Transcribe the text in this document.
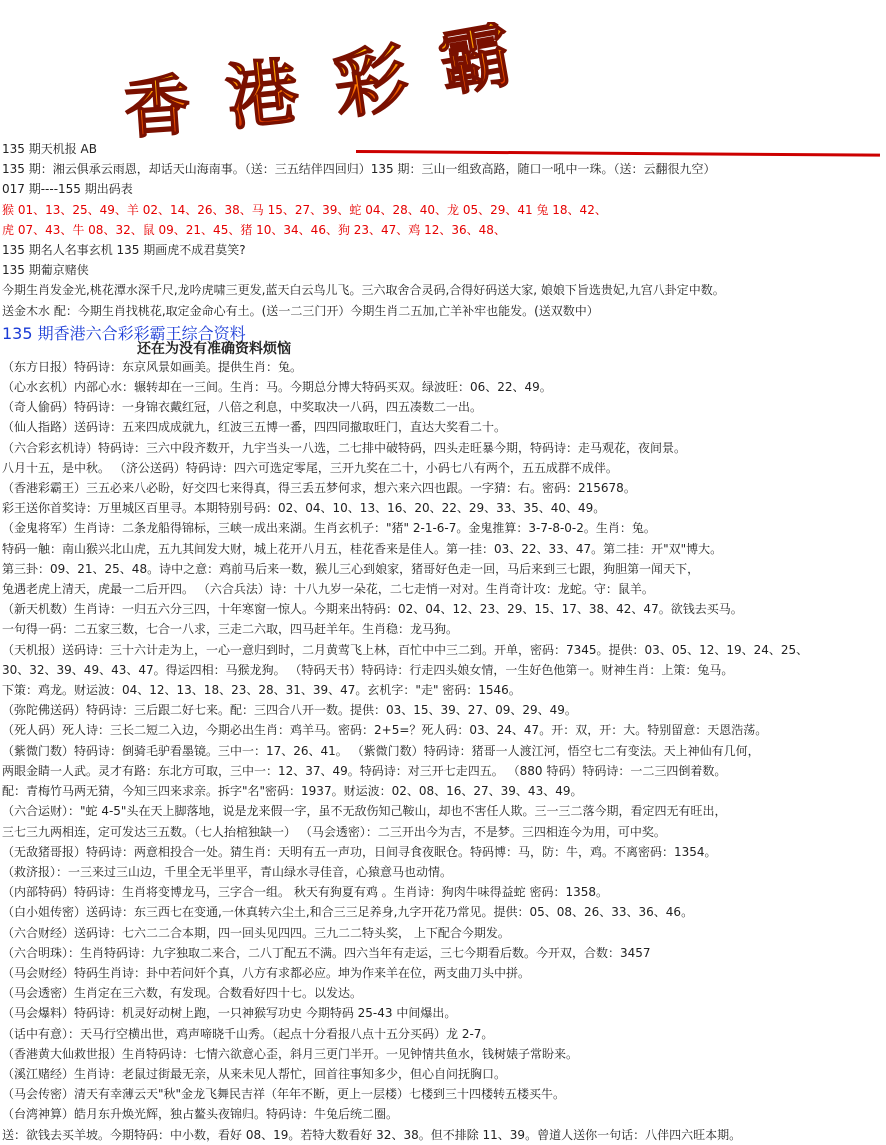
香 港 彩 霸
135 期天机报 AB
135 期：湘云俱承云雨恩，却话天山海南事。（送：三五结伴四回归）135 期：三山一组致高路，随口一吼中一珠。（送：云翻很九空）
017 期----155 期出码表
猴 01、13、25、49、羊 02、14、26、38、马 15、27、39、蛇 04、28、40、龙 05、29、41 兔 18、42、
虎 07、43、牛 08、32、鼠 09、21、45、猪 10、34、46、狗 23、47、鸡 12、36、48、
135 期名人名事玄机 135 期画虎不成君莫笑?
135 期葡京赌侠
今期生肖发金光,桃花潭水深千尺,龙吟虎啸三更发,蓝天白云鸟儿飞。三六取舍合灵码,合得好码送大家, 娘娘下旨选贵妃,九宫八卦定中数。
送金木水 配：今期生肖找桃花,取定金命心有土。(送一二三门开）今期生肖二五加,亡羊补牢也能发。(送双数中）
135 期香港六合彩彩霸王综合资料
还在为没有准确资料烦恼
（东方日报）特码诗：东京风景如画美。提供生肖：兔。
（心水玄机）内部心水：辗转却在一三间。生肖：马。今期总分博大特码买双。绿波旺：06、22、49。
（奇人偷码）特码诗：一身锦衣戴红冠，八倍之利息，中奖取决一八码，四五凑数二一出。
（仙人指路）送码诗：五来四成成就九，红波三五博一番，四四同撤取旺门，直达大奖看二十。
（六合彩玄机诗）特码诗：三六中段齐数开，九宇当头一八选，二七排中破特码，四头走旺暴今期，特码诗：走马观花，夜间景。
八月十五，是中秋。 （济公送码）特码诗：四六可选定零尾，三开九奖在二十，小码七八有两个，五五成群不成伴。
（香港彩霸王）三五必来八必盼，好交四七来得真，得三丢五梦何求，想六来六四也跟。一字猜：右。密码：215678。
彩王送你首奖诗：万里城区百里寻。本期特别号码：02、04、10、13、16、20、22、29、33、35、40、49。
（金鬼将军）生肖诗：二条龙船得锦标，三峡一成出来湖。生肖玄机子："猪" 2-1-6-7。金鬼推算：3-7-8-0-2。生肖：兔。
特码一触：南山猴兴北山虎，五九其间发大财，城上花开八月五，桂花香来是佳人。第一挂：03、22、33、47。第二挂：开"双"博大。
第三卦：09、21、25、48。诗中之意：鸡前马后来一数，猴儿三心到娘家，猪哥好色走一回，马后来到三七跟，狗胆第一闻天下，
兔遇老虎上清天，虎最一二后开四。 （六合兵法）诗：十八九岁一朵花，二七走悄一对对。生肖奇计攻：龙蛇。守：鼠羊。
（新天机数）生肖诗：一归五六分三四，十年寒窗一惊人。今期来出特码：02、04、12、23、29、15、17、38、42、47。欲钱去买马。
一句得一码：二五家三数，七合一八求，三走二六取，四马赶羊年。生肖稳：龙马狗。
（天机报）送码诗：三十六计走为上，一心一意归到时，二月黄莺飞上林，百忙中中三二到。开单，密码：7345。提供：03、05、12、19、24、25、
30、32、39、49、43、47。得运四相：马猴龙狗。 （特码天书）特码诗：行走四头娘女情，一生好色他第一。财神生肖：上策：兔马。
下策：鸡龙。财运波：04、12、13、18、23、28、31、39、47。玄机字："走" 密码：1546。
（弥陀佛送码）特码诗：三后跟二好七来。配：三四合八开一数。提供：03、15、39、27、09、29、49。
（死人码）死人诗：三长二短二入边，今期必出生肖：鸡羊马。密码：2+5=？死人码：03、24、47。开：双，开：大。特别留意：天恩浩荡。
（紫微门数）特码诗：倒骑毛驴看墨镜。三中一：17、26、41。 （紫微门数）特码诗：猪哥一人渡江河，悟空七二有变法。天上神仙有几何，
两眼金睛一人武。灵才有路：东北方可取，三中一：12、37、49。特码诗：对三开七走四五。 （880 特码）特码诗：一二三四倒着数。
配：青梅竹马两无猜，今知三四来求亲。拆字"名"密码：1937。财运波：02、08、16、27、39、43、49。
（六合运财）："蛇 4-5"头在天上脚落地，说是龙来假一字，虽不无敌伤知己鞍山，却也不害任人欺。三一三二落今期，看定四无有旺出，
三七三九两相连，定可发达三五数。（七人抬棺独缺一） （马会透密）：二三开出今为吉，不是梦。三四相连今为用，可中奖。
（无敌猪哥报）特码诗：两意相投合一处。猜生肖：天明有五一声功，日间寻食夜眠仓。特码博：马，防：牛，鸡。不离密码：1354。
（救济报）：一三来过三山边，千里全无半里平，青山绿水寻佳音，心猿意马也动情。
（内部特码）特码诗：生肖将变博龙马，三字合一组。 秋天有狗夏有鸡 。生肖诗：狗肉牛味得益蛇 密码：1358。
（白小姐传密）送码诗：东三西七在变通,一休真转六尘土,和合三三足养身,九字开花乃常见。提供：05、08、26、33、36、46。
（六合财经）送码诗：七六二二合本期，四一回头见四四。三九二二特头奖， 上下配合今期发。
（六合明珠）：生肖特码诗：九字独取二来合，二八丁配五不满。四六当年有走运，三七今期看后数。今开双，合数：3457
（马会财经）特码生肖诗：卦中若问奸个真，八方有求都必应。坤为作来羊在位，两支曲刀头中拼。
（马会透密）生肖定在三六数，有发现。合数看好四十七。以发达。
（马会爆料）特码诗：机灵好动树上跑，一只神猴写功史 今期特码 25-43 中间爆出。
（话中有意）：天马行空横出世，鸡声啼晓千山秀。（起点十分看报八点十五分买码）龙 2-7。
（香港黄大仙救世报）生肖特码诗：七情六欲意心歪，斜月三更门半开。一见钟情共鱼水，钱树婊子常盼来。
（溪江赌经）生肖诗：老鼠过街最无亲，从来未见人帮忙，回首往事知多少，但心自问抚胸口。
（马会传密）清天有幸薄云天"秋"金龙飞舞民吉祥（年年不断，更上一层楼）七楼到三十四楼转五楼买牛。
（台湾神算）皓月东升焕光辉，独占鳌头夜锦归。特码诗：牛兔后统二圈。
送：欲钱去买羊坡。今期特码：中小数，看好 08、19。若特大数看好 32、38。但不排除 11、39。曾道人送你一句话：八伴四六旺本期。
